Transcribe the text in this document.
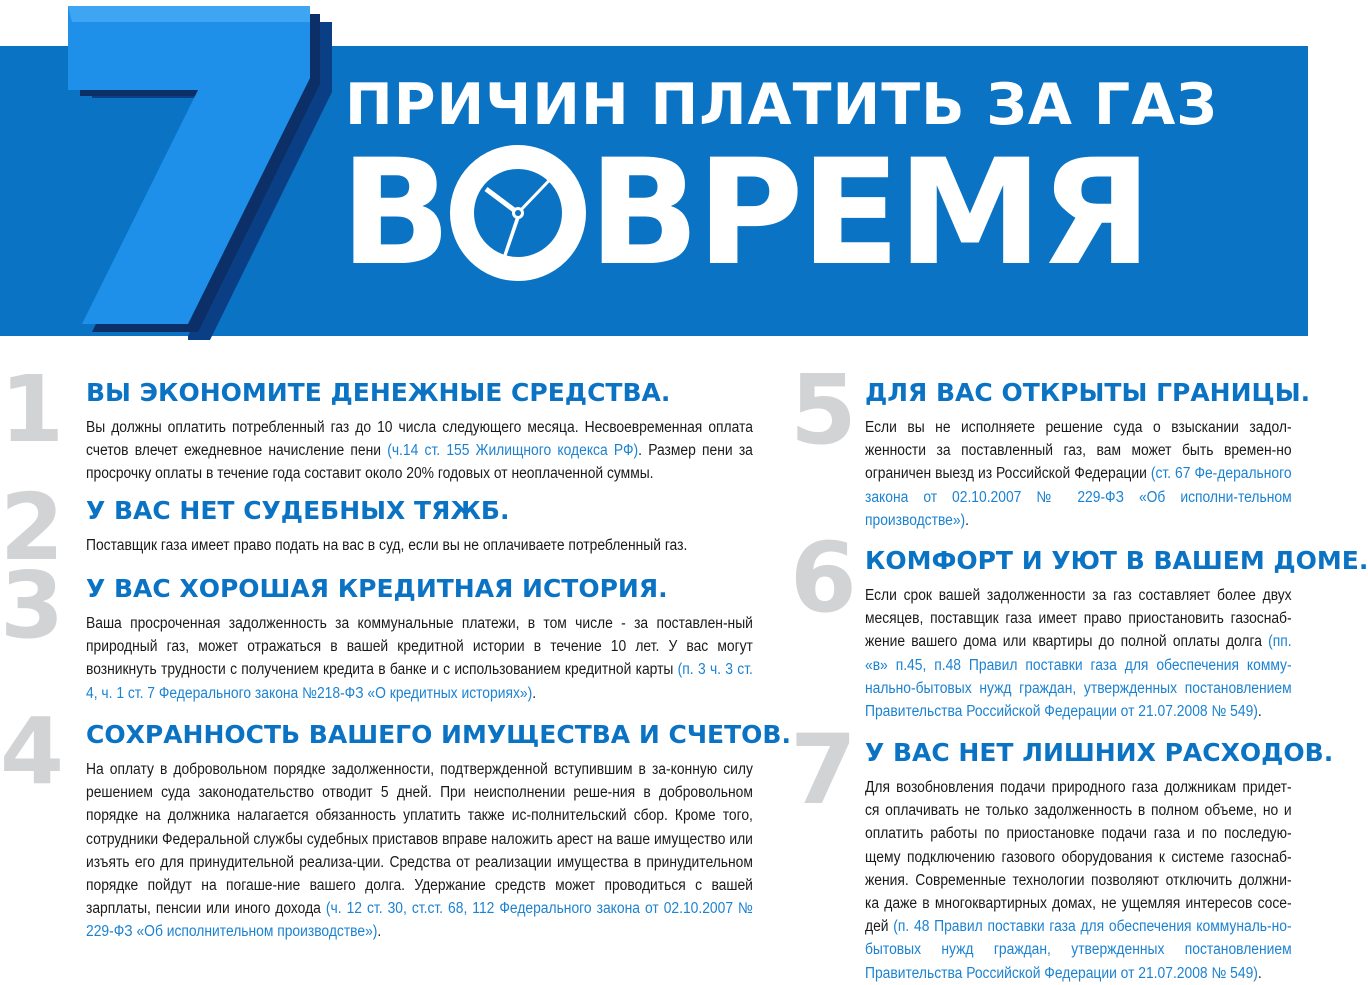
ПРИЧИН ПЛАТИТЬ ЗА ГАЗ
В ВРЕМЯ
1 ВЫ ЭКОНОМИТЕ ДЕНЕЖНЫЕ СРЕДСТВА.
Вы должны оплатить потребленный газ до 10 числа следующего месяца. Несвоевременная оплата счетов влечет ежедневное начисление пени (ч.14 ст. 155 Жилищного кодекса РФ). Размер пени за просрочку оплаты в течение года составит около 20% годовых от неоплаченной суммы.
2 У ВАС НЕТ СУДЕБНЫХ ТЯЖБ.
Поставщик газа имеет право подать на вас в суд, если вы не оплачиваете потребленный газ.
3 У ВАС ХОРОШАЯ КРЕДИТНАЯ ИСТОРИЯ.
Ваша просроченная задолженность за коммунальные платежи, в том числе - за поставлен-ный природный газ, может отражаться в вашей кредитной истории в течение 10 лет. У вас могут возникнуть трудности с получением кредита в банке и с использованием кредитной карты (п. 3 ч. 3 ст. 4, ч. 1 ст. 7 Федерального закона №218-ФЗ «О кредитных историях»).
4 СОХРАННОСТЬ ВАШЕГО ИМУЩЕСТВА И СЧЕТОВ.
На оплату в добровольном порядке задолженности, подтвержденной вступившим в за-конную силу решением суда законодательство отводит 5 дней. При неисполнении реше-ния в добровольном порядке на должника налагается обязанность уплатить также ис-полнительский сбор. Кроме того, сотрудники Федеральной службы судебных приставов вправе наложить арест на ваше имущество или изъять его для принудительной реализа-ции. Средства от реализации имущества в принудительном порядке пойдут на погаше-ние вашего долга. Удержание средств может проводиться с вашей зарплаты, пенсии или иного дохода (ч. 12 ст. 30, ст.ст. 68, 112 Федерального закона от 02.10.2007 № 229-ФЗ «Об исполнительном производстве»).
5 ДЛЯ ВАС ОТКРЫТЫ ГРАНИЦЫ.
Если вы не исполняете решение суда о взыскании задол-женности за поставленный газ, вам может быть времен-но ограничен выезд из Российской Федерации (ст. 67 Фе-дерального закона от 02.10.2007 № 229-ФЗ «Об исполни-тельном производстве»).
6 КОМФОРТ И УЮТ В ВАШЕМ ДОМЕ.
Если срок вашей задолженности за газ составляет более двух месяцев, поставщик газа имеет право приостановить газоснаб-жение вашего дома или квартиры до полной оплаты долга (пп. «в» п.45, п.48 Правил поставки газа для обеспечения комму-нально-бытовых нужд граждан, утвержденных постановлением Правительства Российской Федерации от 21.07.2008 № 549).
7 У ВАС НЕТ ЛИШНИХ РАСХОДОВ.
Для возобновления подачи природного газа должникам придет-ся оплачивать не только задолженность в полном объеме, но и оплатить работы по приостановке подачи газа и по последую-щему подключению газового оборудования к системе газоснаб-жения. Современные технологии позволяют отключить должни-ка даже в многоквартирных домах, не ущемляя интересов сосе-дей (п. 48 Правил поставки газа для обеспечения коммуналь-но-бытовых нужд граждан, утвержденных постановлением Правительства Российской Федерации от 21.07.2008 № 549).
